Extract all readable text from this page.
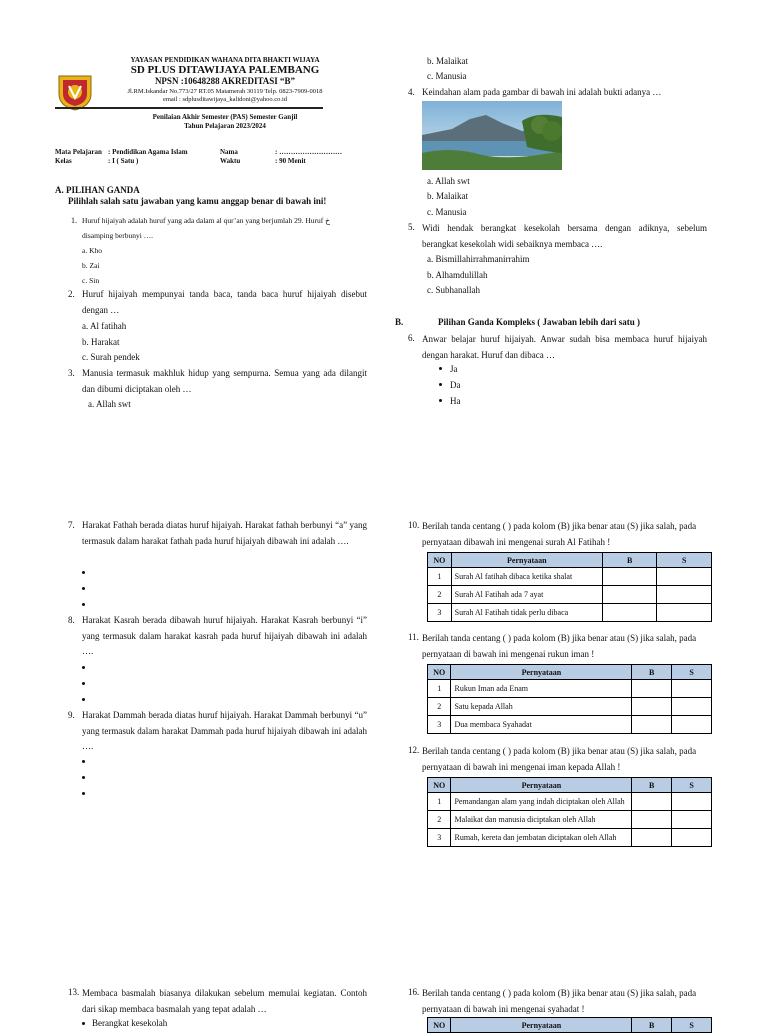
YAYASAN PENDIDIKAN WAHANA DITA BHAKTI WIJAYA
SD PLUS DITAWIJAYA PALEMBANG
NPSN :10648288 AKREDITASI “B”
Jl.RM.Iskandar No.773/27 RT.05 Matamerah 30119 Telp. 0823-7909-0018
email : sdplusditawijaya_kalidoni@yahoo.co.id
Penilaian Akhir Semester (PAS) Semester Ganjil
Tahun Pelajaran 2023/2024
Mata Pelajaran : Pendidikan Agama Islam
Kelas	: I ( Satu )
Nama	: ………………………
Waktu	: 90 Menit
A. PILIHAN GANDA
Pilihlah salah satu jawaban yang kamu anggap benar di bawah ini!
1. Huruf hijaiyah adalah huruf yang ada dalam al qur’an yang berjumlah 29. Huruf خ
disamping berbunyi ….
a. Kho
b. Zai
c. Sin
2. Huruf hijaiyah mempunyai tanda baca, tanda baca huruf hijaiyah disebut dengan …
a. Al fatihah
b. Harakat
c. Surah pendek
3. Manusia termasuk makhluk hidup yang sempurna. Semua yang ada dilangit dan dibumi diciptakan oleh …
a. Allah swt
b. Malaikat
c. Manusia
4. Keindahan alam pada gambar di bawah ini adalah bukti adanya …
a. Allah swt
b. Malaikat
c. Manusia
5. Widi hendak berangkat kesekolah bersama dengan adiknya, sebelum berangkat kesekolah widi sebaiknya membaca ….
a. Bismillahirrahmanirrahim
b. Alhamdulillah
c. Subhanallah
B.	Pilihan Ganda Kompleks ( Jawaban lebih dari satu )
6. Anwar belajar huruf hijaiyah. Anwar sudah bisa membaca huruf hijaiyah dengan harakat. Huruf dan dibaca …
Ja
Da
Ha
7. Harakat Fathah berada diatas huruf hijaiyah. Harakat fathah berbunyi “a” yang termasuk dalam harakat fathah pada huruf hijaiyah dibawah ini adalah ….
8. Harakat Kasrah berada dibawah huruf hijaiyah. Harakat Kasrah berbunyi “i” yang termasuk dalam harakat kasrah pada huruf hijaiyah dibawah ini adalah ….
9. Harakat Dammah berada diatas huruf hijaiyah. Harakat Dammah berbunyi “u” yang termasuk dalam harakat Dammah pada huruf hijaiyah dibawah ini adalah ….
10. Berilah tanda centang ( ) pada kolom (B) jika benar atau (S) jika salah, pada pernyataan dibawah ini mengenai surah Al Fatihah !
NO	Pernyataan	B	S
1	Surah Al fatihah dibaca ketika shalat		
2	Surah Al Fatihah ada 7 ayat		
3	Surah Al Fatihah tidak perlu dibaca		
11. Berilah tanda centang ( ) pada kolom (B) jika benar atau (S) jika salah, pada pernyataan di bawah ini mengenai rukun iman !
NO	Pernyataan	B	S
1	Rukun Iman ada Enam		
2	Satu kepada Allah		
3	Dua membaca Syahadat		
12. Berilah tanda centang ( ) pada kolom (B) jika benar atau (S) jika salah, pada pernyataan di bawah ini mengenai iman kepada Allah !
NO	Pernyataan	B	S
1	Pemandangan alam yang indah diciptakan oleh Allah		
2	Malaikat dan manusia diciptakan oleh Allah		
3	Rumah, kereta dan jembatan diciptakan oleh Allah		
13. Membaca basmalah biasanya dilakukan sebelum memulai kegiatan. Contoh dari sikap membaca basmalah yang tepat adalah …
Berangkat kesekolah
16. Berilah tanda centang ( ) pada kolom (B) jika benar atau (S) jika salah, pada pernyataan di bawah ini mengenai syahadat !
NO	Pernyataan	B	S
